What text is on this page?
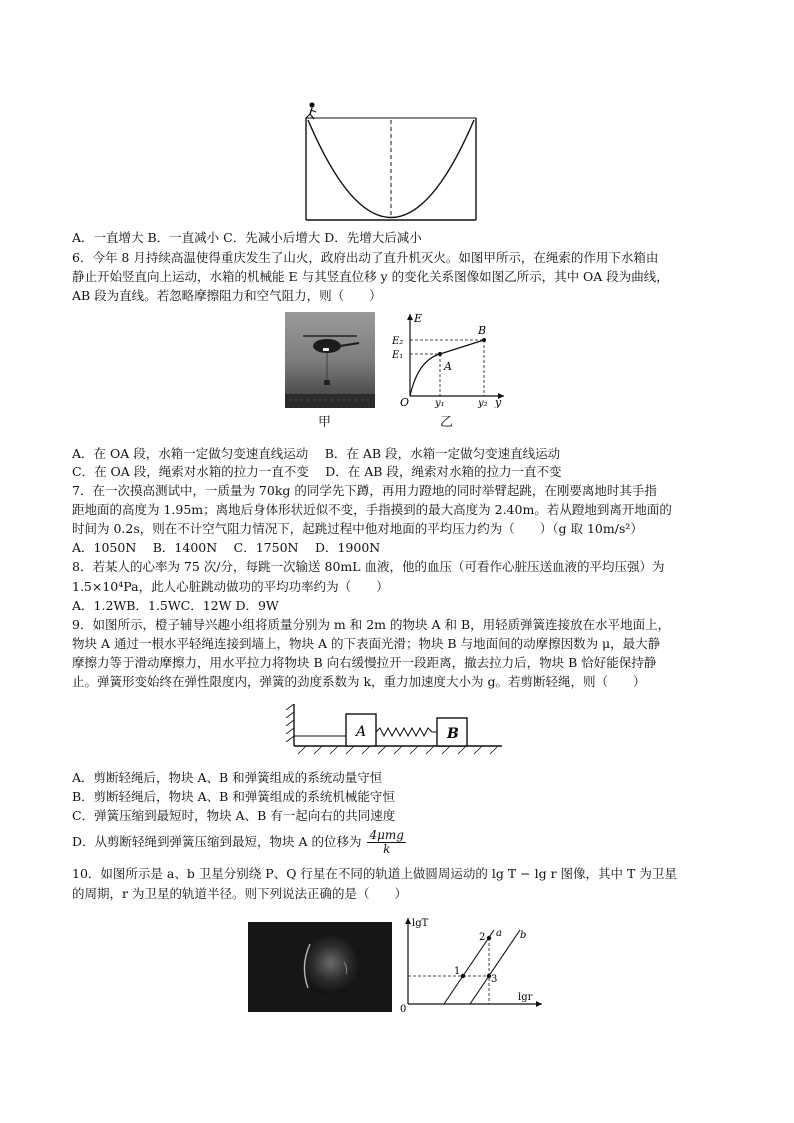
A．一直增大 B．一直减小 C．先减小后增大 D．先增大后减小
6．今年 8 月持续高温使得重庆发生了山火，政府出动了直升机灭火。如图甲所示，在绳索的作用下水箱由
静止开始竖直向上运动，水箱的机械能 E 与其竖直位移 y 的变化关系图像如图乙所示，其中 OA 段为曲线，
AB 段为直线。若忽略摩擦阻力和空气阻力，则（　　）
甲
E
E₂
E₁
A
B
O	y₁	y₂ y
乙
A．在 OA 段，水箱一定做匀变速直线运动　 B．在 AB 段，水箱一定做匀变速直线运动
C．在 OA 段，绳索对水箱的拉力一直不变　 D．在 AB 段，绳索对水箱的拉力一直不变
7．在一次摸高测试中，一质量为 70kg 的同学先下蹲，再用力蹬地的同时举臂起跳，在刚要离地时其手指
距地面的高度为 1.95m；离地后身体形状近似不变，手指摸到的最大高度为 2.40m。若从蹬地到离开地面的
时间为 0.2s，则在不计空气阻力情况下，起跳过程中他对地面的平均压力约为（　　）（g 取 10m/s²）
A．1050N　 B．1400N　 C．1750N　 D．1900N
8．若某人的心率为 75 次/分，每跳一次输送 80mL 血液，他的血压（可看作心脏压送血液的平均压强）为
1.5×10⁴Pa，此人心脏跳动做功的平均功率约为（　　）
A．1.2WB．1.5WC．12W D．9W
9．如图所示，橙子辅导兴趣小组将质量分别为 m 和 2m 的物块 A 和 B，用轻质弹簧连接放在水平地面上，
物块 A 通过一根水平轻绳连接到墙上，物块 A 的下表面光滑；物块 B 与地面间的动摩擦因数为 μ，最大静
摩擦力等于滑动摩擦力，用水平拉力将物块 B 向右缓慢拉开一段距离，撤去拉力后，物块 B 恰好能保持静
止。弹簧形变始终在弹性限度内，弹簧的劲度系数为 k，重力加速度大小为 g。若剪断轻绳，则（　　）
A	B
A．剪断轻绳后，物块 A、B 和弹簧组成的系统动量守恒
B．剪断轻绳后，物块 A、B 和弹簧组成的系统机械能守恒
C．弹簧压缩到最短时，物块 A、B 有一起向右的共同速度
D．从剪断轻绳到弹簧压缩到最短，物块 A 的位移为 $\frac{\text{4μmg}}{k}$
10．如图所示是 a、b 卫星分别绕 P、Q 行星在不同的轨道上做圆周运动的 lg T − lg r 图像，其中 T 为卫星
的周期，r 为卫星的轨道半径。则下列说法正确的是（　　）
lgT
lgr
0
a b
1
2
3
